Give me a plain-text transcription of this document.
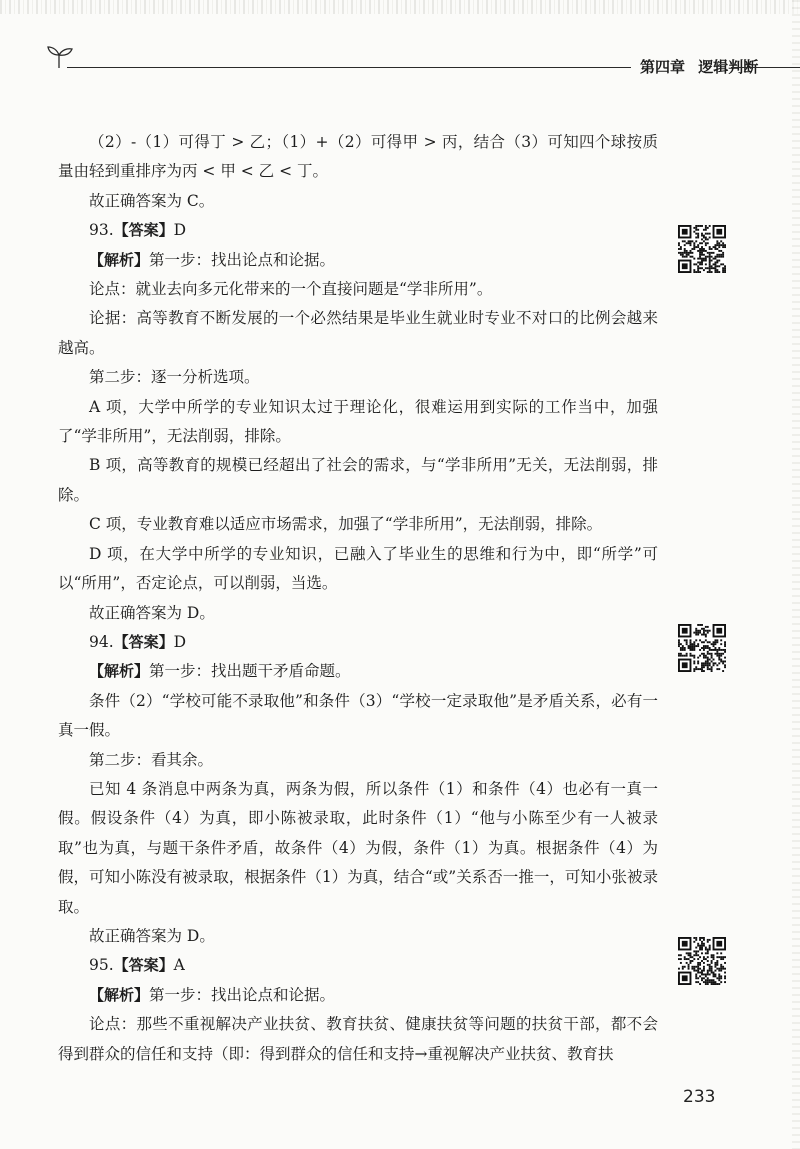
第四章 逻辑判断

（2）-（1）可得丁 > 乙；（1）+（2）可得甲 > 丙，结合（3）可知四个球按质量由轻到重排序为丙 < 甲 < 乙 < 丁。

故正确答案为 C。

93.【答案】D

【解析】第一步：找出论点和论据。

论点：就业去向多元化带来的一个直接问题是“学非所用”。

论据：高等教育不断发展的一个必然结果是毕业生就业时专业不对口的比例会越来越高。

第二步：逐一分析选项。

A 项，大学中所学的专业知识太过于理论化，很难运用到实际的工作当中，加强了“学非所用”，无法削弱，排除。

B 项，高等教育的规模已经超出了社会的需求，与“学非所用”无关，无法削弱，排除。

C 项，专业教育难以适应市场需求，加强了“学非所用”，无法削弱，排除。

D 项，在大学中所学的专业知识，已融入了毕业生的思维和行为中，即“所学”可以“所用”，否定论点，可以削弱，当选。

故正确答案为 D。

94.【答案】D

【解析】第一步：找出题干矛盾命题。

条件（2）“学校可能不录取他”和条件（3）“学校一定录取他”是矛盾关系，必有一真一假。

第二步：看其余。

已知 4 条消息中两条为真，两条为假，所以条件（1）和条件（4）也必有一真一假。假设条件（4）为真，即小陈被录取，此时条件（1）“他与小陈至少有一人被录取”也为真，与题干条件矛盾，故条件（4）为假，条件（1）为真。根据条件（4）为假，可知小陈没有被录取，根据条件（1）为真，结合“或”关系否一推一，可知小张被录取。

故正确答案为 D。

95.【答案】A

【解析】第一步：找出论点和论据。

论点：那些不重视解决产业扶贫、教育扶贫、健康扶贫等问题的扶贫干部，都不会得到群众的信任和支持（即：得到群众的信任和支持→重视解决产业扶贫、教育扶

233
